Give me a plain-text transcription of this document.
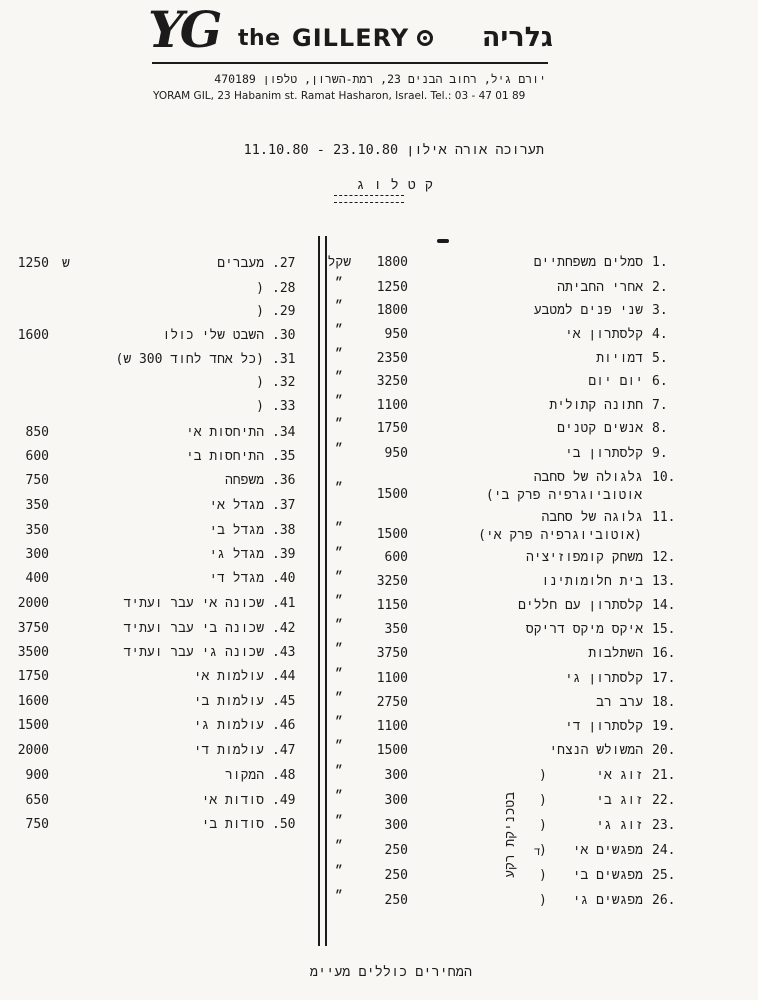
YG the GILLERY	גלריה
יורם גיל, רחוב הבנים 23, רמת-השרון, טלפון 470189
YORAM GIL, 23 Habanim st. Ramat Hasharon, Israel. Tel.: 03 - 47 01 89
תערוכה אורה אילון 23.10.80 - 11.10.80
קטלוג
1.
סמלים משפחתיים
1800
שקל
2.
אחרי החביתה
1250
״
3.
שני פנים למטבע
1800
״
4.
קלסתרון אי
950
״
5.
דמויות
2350
״
6.
יום יום
3250
״
7.
חתונה קתולית
1100
״
8.
אנשים קטנים
1750
״
9.
קלסתרון בי
950
״
10.
גלגולה של סחבה
אוטוביוגרפיה פרק בי)
1500
״
11.
גלוגה של סחבה
(אוטוביוגרפיה פרק אי)
1500
״
12.
משחק קומפוזיציה
600
״
13.
בית חלומותינו
3250
״
14.
קלסתרון עם חללים
1150
״
15.
איקס מיקס דריקס
350
״
16.
השתלבות
3750
״
17.
קלסתרון גי
1100
״
18.
ערב רב
2750
״
19.
קלסתרון די
1100
״
20.
המשולש הנצחי
1500
״
21.
זוג אי
)
300
״
22.
זוג בי
)
300
״
23.
זוג גי
)
300
״
24.
מפגשים אי
)
250
״
25.
מפגשים בי
)
250
״
26.
מפגשים גי
)
250
״
.27
מעברים
1250
.28
(
.29
(
.30
השבט שלי כולו
1600
.31
(כל אחד לחוד 300 ש)
.32
(
.33
(
.34
התיחסות אי
850
.35
התיחסות בי
600
.36
משפחה
750
.37
מגדל אי
350
.38
מגדל בי
350
.39
מגדל גי
300
.40
מגדל די
400
.41
שכונה אי עבר ועתיד
2000
.42
שכונה בי עבר ועתיד
3750
.43
שכונה גי עבר ועתיד
3500
.44
עולמות אי
1750
.45
עולמות בי
1600
.46
עולמות גי
1500
.47
עולמות די
2000
.48
המקור
900
.49
סודות אי
650
.50
סודות בי
750
ש
בטכניקת רקע ד
המחירים כוללים מעיימ
